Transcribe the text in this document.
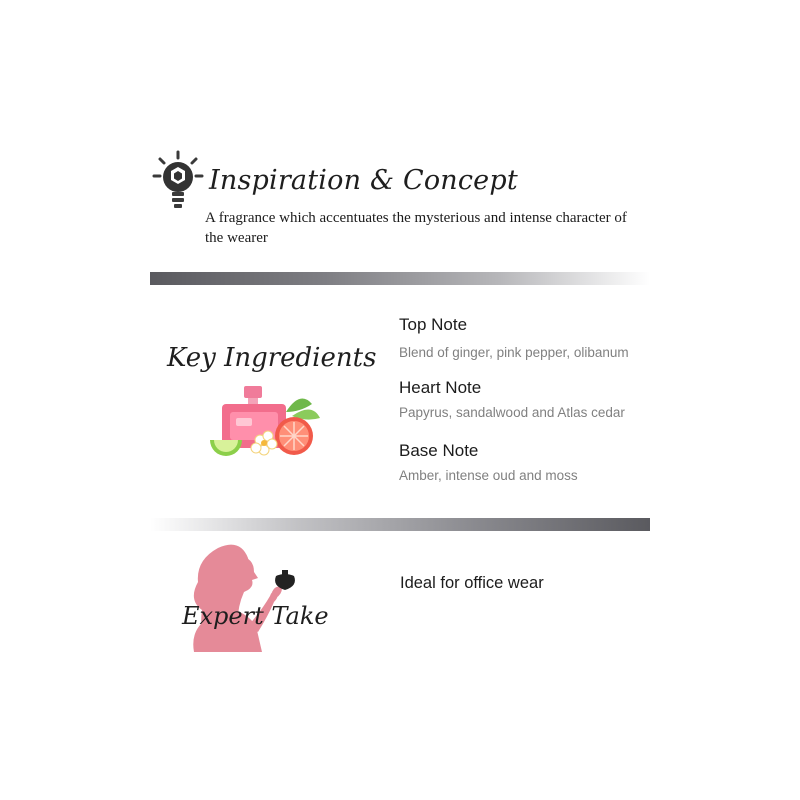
Inspiration & Concept
A fragrance which accentuates the mysterious and intense character of the wearer
Key Ingredients
Top Note
Blend of ginger, pink pepper, olibanum
Heart Note
Papyrus, sandalwood and Atlas cedar
Base Note
Amber, intense oud and moss
Expert Take
Ideal for office wear
